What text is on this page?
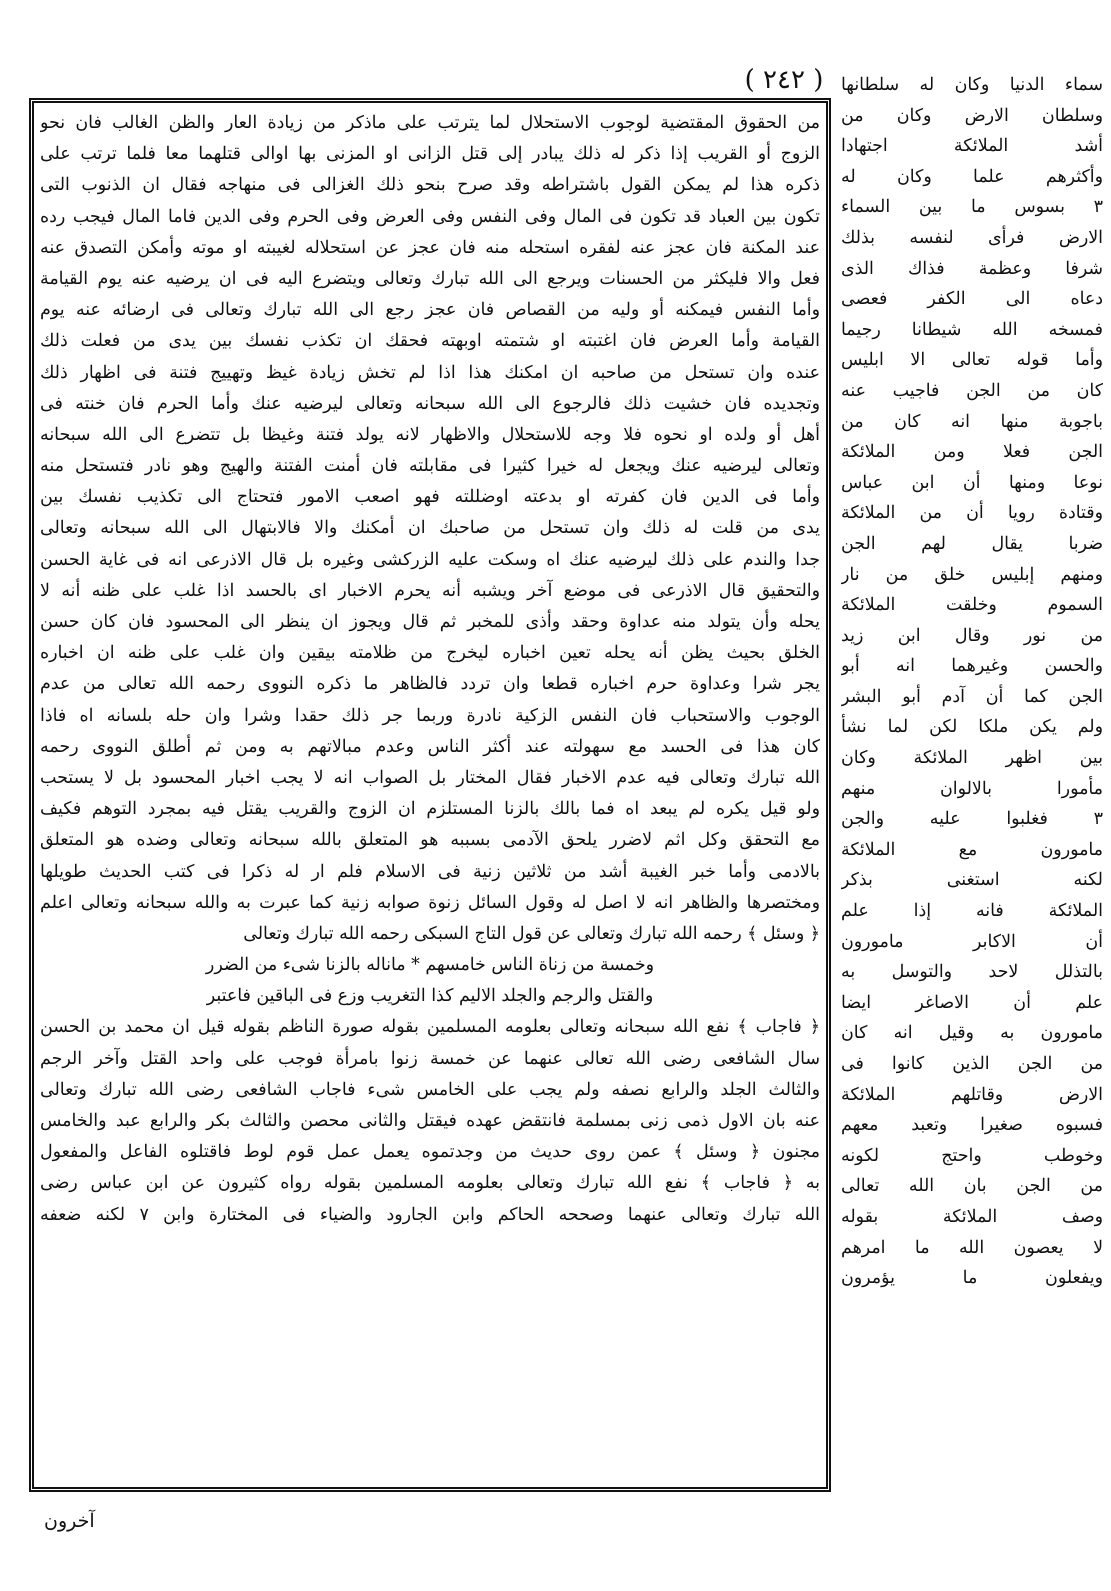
( ٢٤٢ )
من الحقوق المقتضية لوجوب الاستحلال لما يترتب على ماذكر من زيادة العار والظن الغالب فان نحو
الزوج أو القريب إذا ذكر له ذلك يبادر إلى قتل الزانى او المزنى بها اوالى قتلهما معا فلما ترتب على
ذكره هذا لم يمكن القول باشتراطه وقد صرح بنحو ذلك الغزالى فى منهاجه فقال ان الذنوب التى
تكون بين العباد قد تكون فى المال وفى النفس وفى العرض وفى الحرم وفى الدين فاما المال فيجب رده
عند المكنة فان عجز عنه لفقره استحله منه فان عجز عن استحلاله لغيبته او موته وأمكن التصدق عنه
فعل والا فليكثر من الحسنات ويرجع الى الله تبارك وتعالى ويتضرع اليه فى ان يرضيه عنه يوم القيامة
وأما النفس فيمكنه أو وليه من القصاص فان عجز رجع الى الله تبارك وتعالى فى ارضائه عنه يوم
القيامة وأما العرض فان اغتبته او شتمته اوبهته فحقك ان تكذب نفسك بين يدى من فعلت ذلك
عنده وان تستحل من صاحبه ان امكنك هذا اذا لم تخش زيادة غيظ وتهييج فتنة فى اظهار ذلك
وتجديده فان خشيت ذلك فالرجوع الى الله سبحانه وتعالى ليرضيه عنك وأما الحرم فان خنته فى
أهل أو ولده او نحوه فلا وجه للاستحلال والاظهار لانه يولد فتنة وغيظا بل تتضرع الى الله سبحانه
وتعالى ليرضيه عنك ويجعل له خيرا كثيرا فى مقابلته فان أمنت الفتنة والهيج وهو نادر فتستحل منه
وأما فى الدين فان كفرته او بدعته اوضللته فهو اصعب الامور فتحتاج الى تكذيب نفسك بين
يدى من قلت له ذلك وان تستحل من صاحبك ان أمكنك والا فالابتهال الى الله سبحانه وتعالى
جدا والندم على ذلك ليرضيه عنك اه وسكت عليه الزركشى وغيره بل قال الاذرعى انه فى غاية الحسن
والتحقيق قال الاذرعى فى موضع آخر ويشبه أنه يحرم الاخبار اى بالحسد اذا غلب على ظنه أنه لا
يحله وأن يتولد منه عداوة وحقد وأذى للمخبر ثم قال ويجوز ان ينظر الى المحسود فان كان حسن
الخلق بحيث يظن أنه يحله تعين اخباره ليخرج من ظلامته بيقين وان غلب على ظنه ان اخباره
يجر شرا وعداوة حرم اخباره قطعا وان تردد فالظاهر ما ذكره النووى رحمه الله تعالى من عدم
الوجوب والاستحباب فان النفس الزكية نادرة وربما جر ذلك حقدا وشرا وان حله بلسانه اه فاذا
كان هذا فى الحسد مع سهولته عند أكثر الناس وعدم مبالاتهم به ومن ثم أطلق النووى رحمه
الله تبارك وتعالى فيه عدم الاخبار فقال المختار بل الصواب انه لا يجب اخبار المحسود بل لا يستحب
ولو قيل يكره لم يبعد اه فما بالك بالزنا المستلزم ان الزوج والقريب يقتل فيه بمجرد التوهم فكيف
مع التحقق وكل اثم لاضرر يلحق الآدمى بسببه هو المتعلق بالله سبحانه وتعالى وضده هو المتعلق
بالادمى وأما خبر الغيبة أشد من ثلاثين زنية فى الاسلام فلم ار له ذكرا فى كتب الحديث طويلها
ومختصرها والظاهر انه لا اصل له وقول السائل زنوة صوابه زنية كما عبرت به والله سبحانه وتعالى اعلم
﴿ وسئل ﴾ رحمه الله تبارك وتعالى عن قول التاج السبكى رحمه الله تبارك وتعالى
وخمسة من زناة الناس خامسهم * ماناله بالزنا شىء من الضرر
والقتل والرجم والجلد الاليم كذا التغريب وزع فى الباقين فاعتبر
﴿ فاجاب ﴾ نفع الله سبحانه وتعالى بعلومه المسلمين بقوله صورة الناظم بقوله قيل ان محمد بن الحسن
سال الشافعى رضى الله تعالى عنهما عن خمسة زنوا بامرأة فوجب على واحد القتل وآخر الرجم
والثالث الجلد والرابع نصفه ولم يجب على الخامس شىء فاجاب الشافعى رضى الله تبارك وتعالى
عنه بان الاول ذمى زنى بمسلمة فانتقض عهده فيقتل والثانى محصن والثالث بكر والرابع عبد والخامس
مجنون ﴿ وسئل ﴾ عمن روى حديث من وجدتموه يعمل عمل قوم لوط فاقتلوه الفاعل والمفعول
به ﴿ فاجاب ﴾ نفع الله تبارك وتعالى بعلومه المسلمين بقوله رواه كثيرون عن ابن عباس رضى
الله تبارك وتعالى عنهما وصححه الحاكم وابن الجارود والضياء فى المختارة وابن ٧ لكنه ضعفه
سماء الدنيا وكان له سلطانها
وسلطان الارض وكان من
أشد الملائكة اجتهادا
وأكثرهم علما وكان له
٣ بسوس ما بين السماء
الارض فرأى لنفسه بذلك
شرفا وعظمة فذاك الذى
دعاه الى الكفر فعصى
فمسخه الله شيطانا رجيما
وأما قوله تعالى الا ابليس
كان من الجن فاجيب عنه
باجوبة منها انه كان من
الجن فعلا ومن الملائكة
نوعا ومنها أن ابن عباس
وقتادة رويا أن من الملائكة
ضربا يقال لهم الجن
ومنهم إبليس خلق من نار
السموم وخلقت الملائكة
من نور وقال ابن زيد
والحسن وغيرهما انه أبو
الجن كما أن آدم أبو البشر
ولم يكن ملكا لكن لما نشأ
بين اظهر الملائكة وكان
مأمورا بالالوان منهم
٣ فغلبوا عليه والجن
مامورون مع الملائكة
لكنه استغنى بذكر
الملائكة فانه إذا علم
أن الاكابر مامورون
بالتذلل لاحد والتوسل به
علم أن الاصاغر ايضا
مامورون به وقيل انه كان
من الجن الذين كانوا فى
الارض وقاتلهم الملائكة
فسبوه صغيرا وتعبد معهم
وخوطب واحتج لكونه
من الجن بان الله تعالى
وصف الملائكة بقوله
لا يعصون الله ما امرهم
ويفعلون ما يؤمرون
آخرون
